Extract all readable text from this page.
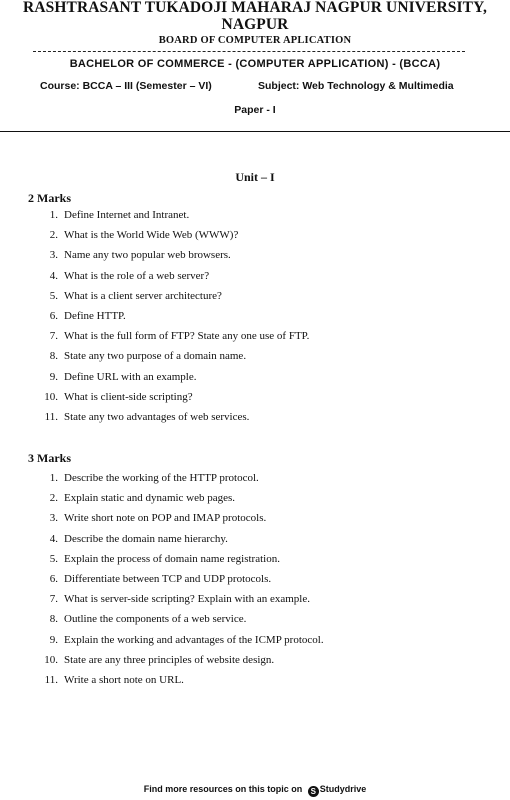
RASHTRASANT TUKADOJI MAHARAJ NAGPUR UNIVERSITY,
NAGPUR
BOARD OF COMPUTER APLICATION
BACHELOR OF COMMERCE - (COMPUTER APPLICATION) - (BCCA)
Course: BCCA – III (Semester – VI)	Subject: Web Technology & Multimedia
Paper - I
Unit – I
2 Marks
1. Define Internet and Intranet.
2. What is the World Wide Web (WWW)?
3. Name any two popular web browsers.
4. What is the role of a web server?
5. What is a client server architecture?
6. Define HTTP.
7. What is the full form of FTP? State any one use of FTP.
8. State any two purpose of a domain name.
9. Define URL with an example.
10. What is client-side scripting?
11. State any two advantages of web services.
3 Marks
1. Describe the working of the HTTP protocol.
2. Explain static and dynamic web pages.
3. Write short note on POP and IMAP protocols.
4. Describe the domain name hierarchy.
5. Explain the process of domain name registration.
6. Differentiate between TCP and UDP protocols.
7. What is server-side scripting? Explain with an example.
8. Outline the components of a web service.
9. Explain the working and advantages of the ICMP protocol.
10. State are any three principles of website design.
11. Write a short note on URL.
Find more resources on this topic on S Studydrive
